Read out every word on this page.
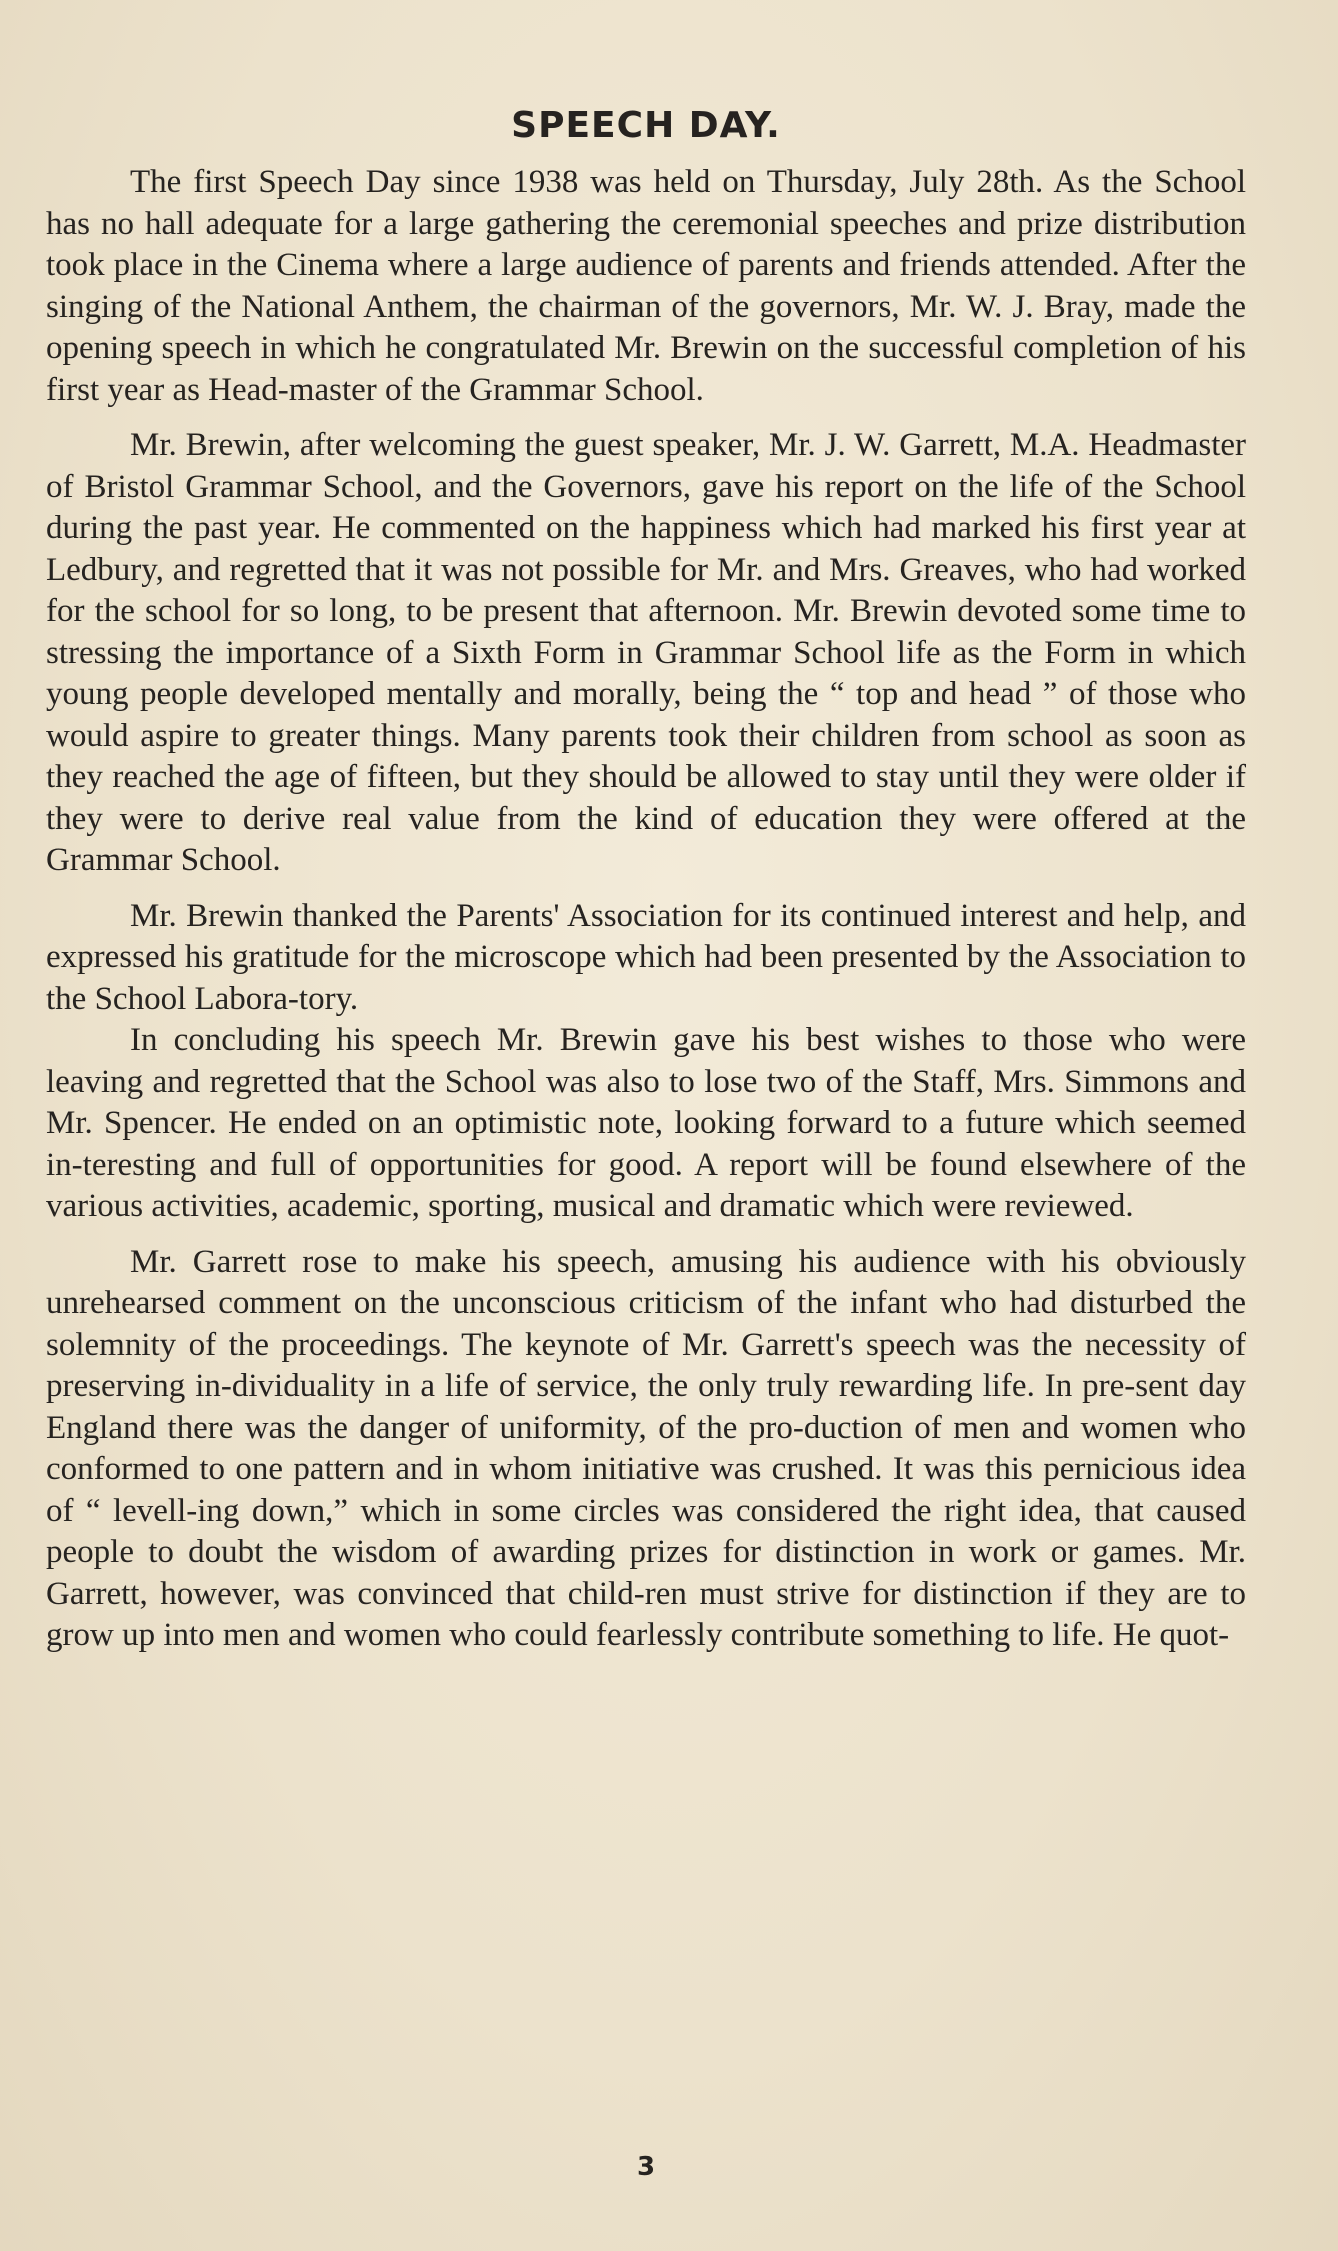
SPEECH DAY.

The first Speech Day since 1938 was held on Thursday, July 28th. As the School has no hall adequate for a large gathering the ceremonial speeches and prize distribution took place in the Cinema where a large audience of parents and friends attended. After the singing of the National Anthem, the chairman of the governors, Mr. W. J. Bray, made the opening speech in which he congratulated Mr. Brewin on the successful completion of his first year as Head-master of the Grammar School.

Mr. Brewin, after welcoming the guest speaker, Mr. J. W. Garrett, M.A. Headmaster of Bristol Grammar School, and the Governors, gave his report on the life of the School during the past year. He commented on the happiness which had marked his first year at Ledbury, and regretted that it was not possible for Mr. and Mrs. Greaves, who had worked for the school for so long, to be present that afternoon. Mr. Brewin devoted some time to stressing the importance of a Sixth Form in Grammar School life as the Form in which young people developed mentally and morally, being the “ top and head ” of those who would aspire to greater things. Many parents took their children from school as soon as they reached the age of fifteen, but they should be allowed to stay until they were older if they were to derive real value from the kind of education they were offered at the Grammar School.

Mr. Brewin thanked the Parents' Association for its continued interest and help, and expressed his gratitude for the microscope which had been presented by the Association to the School Labora-tory.

In concluding his speech Mr. Brewin gave his best wishes to those who were leaving and regretted that the School was also to lose two of the Staff, Mrs. Simmons and Mr. Spencer. He ended on an optimistic note, looking forward to a future which seemed in-teresting and full of opportunities for good. A report will be found elsewhere of the various activities, academic, sporting, musical and dramatic which were reviewed.

Mr. Garrett rose to make his speech, amusing his audience with his obviously unrehearsed comment on the unconscious criticism of the infant who had disturbed the solemnity of the proceedings. The keynote of Mr. Garrett's speech was the necessity of preserving in-dividuality in a life of service, the only truly rewarding life. In pre-sent day England there was the danger of uniformity, of the pro-duction of men and women who conformed to one pattern and in whom initiative was crushed. It was this pernicious idea of “ levell-ing down,” which in some circles was considered the right idea, that caused people to doubt the wisdom of awarding prizes for distinction in work or games. Mr. Garrett, however, was convinced that child-ren must strive for distinction if they are to grow up into men and women who could fearlessly contribute something to life. He quot-

3
